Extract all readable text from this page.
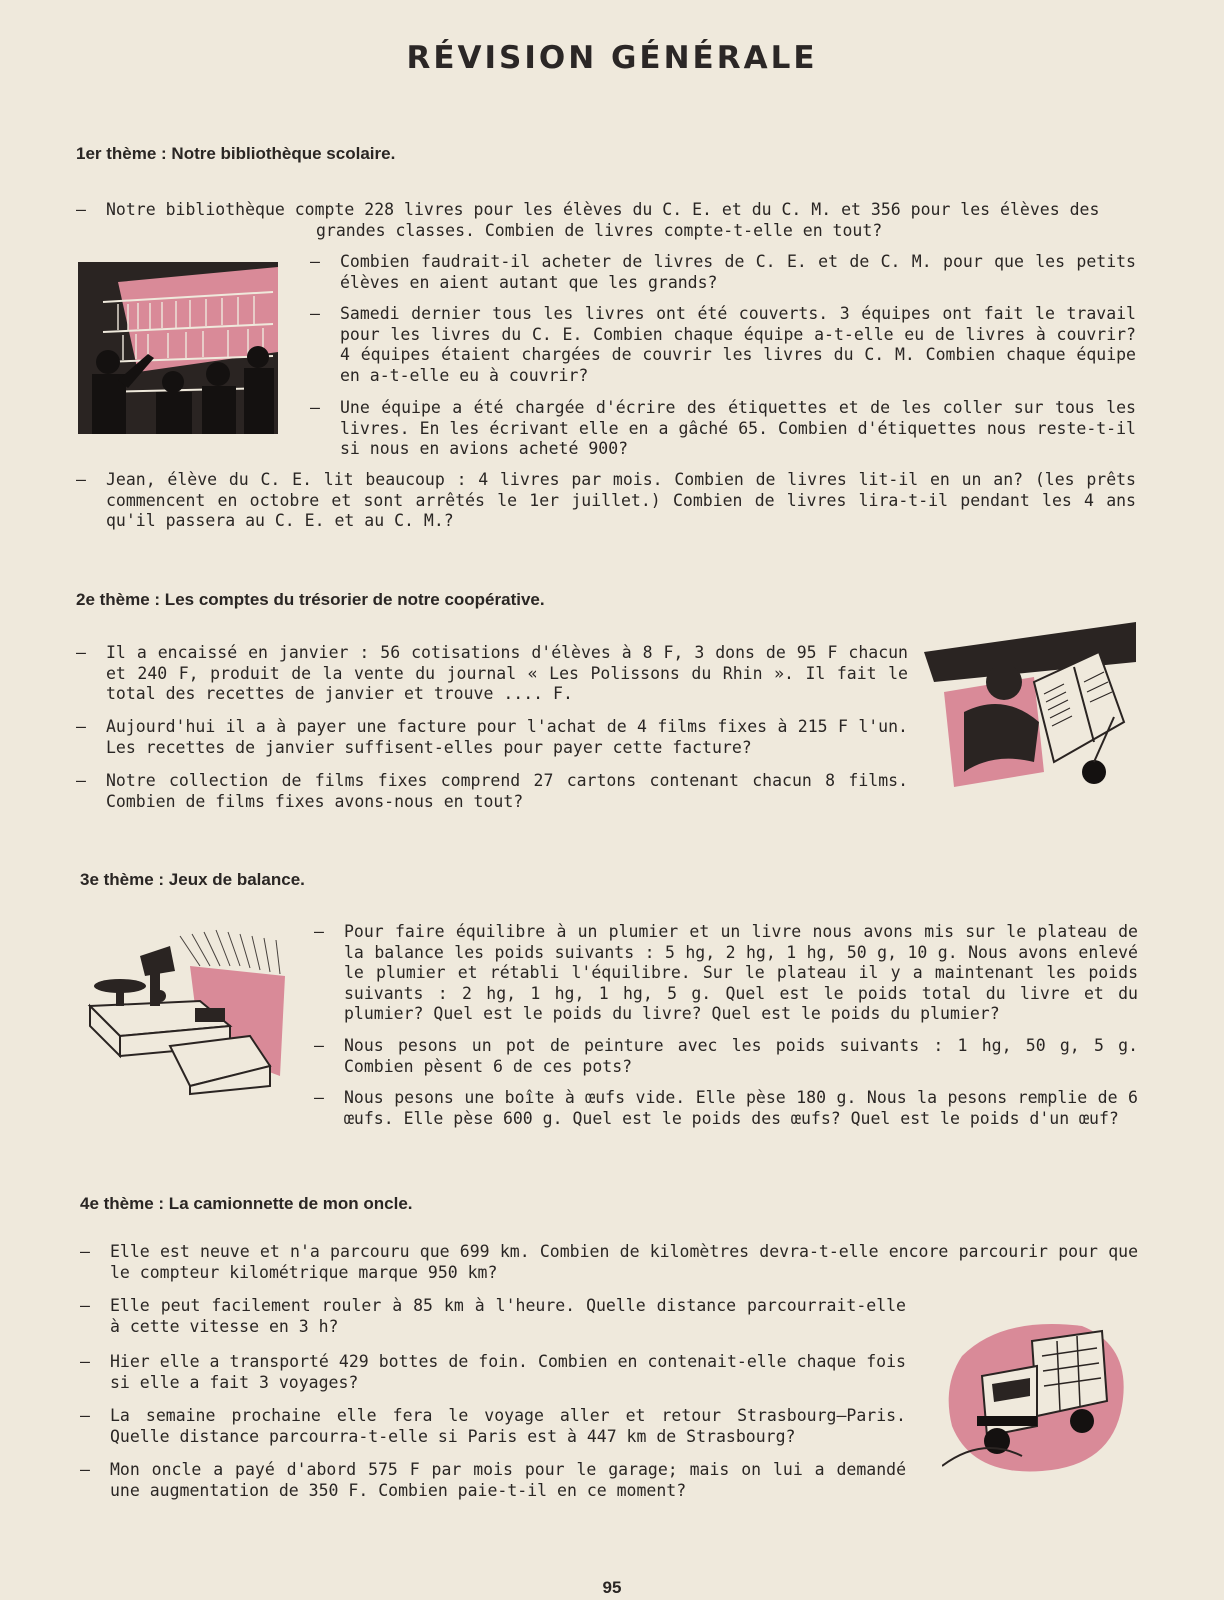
RÉVISION GÉNÉRALE
1er thème : Notre bibliothèque scolaire.
— Notre bibliothèque compte 228 livres pour les élèves du C. E. et du C. M. et 356 pour les élèves des
grandes classes. Combien de livres compte-t-elle en tout?
— Combien faudrait-il acheter de livres de C. E. et de C. M. pour que les petits élèves en aient autant que les grands?
— Samedi dernier tous les livres ont été couverts. 3 équipes ont fait le travail pour les livres du C. E. Combien chaque équipe a-t-elle eu de livres à couvrir? 4 équipes étaient chargées de couvrir les livres du C. M. Combien chaque équipe en a-t-elle eu à couvrir?
— Une équipe a été chargée d'écrire des étiquettes et de les coller sur tous les livres. En les écrivant elle en a gâché 65. Combien d'étiquettes nous reste-t-il si nous en avions acheté 900?
— Jean, élève du C. E. lit beaucoup : 4 livres par mois. Combien de livres lit-il en un an? (les prêts commencent en octobre et sont arrêtés le 1er juillet.) Combien de livres lira-t-il pendant les 4 ans qu'il passera au C. E. et au C. M.?
2e thème : Les comptes du trésorier de notre coopérative.
— Il a encaissé en janvier : 56 cotisations d'élèves à 8 F, 3 dons de 95 F chacun et 240 F, produit de la vente du journal « Les Polissons du Rhin ». Il fait le total des recettes de janvier et trouve .... F.
— Aujourd'hui il a à payer une facture pour l'achat de 4 films fixes à 215 F l'un. Les recettes de janvier suffisent-elles pour payer cette facture?
— Notre collection de films fixes comprend 27 cartons contenant chacun 8 films. Combien de films fixes avons-nous en tout?
3e thème : Jeux de balance.
— Pour faire équilibre à un plumier et un livre nous avons mis sur le plateau de la balance les poids suivants : 5 hg, 2 hg, 1 hg, 50 g, 10 g. Nous avons enlevé le plumier et rétabli l'équilibre. Sur le plateau il y a maintenant les poids suivants : 2 hg, 1 hg, 1 hg, 5 g. Quel est le poids total du livre et du plumier? Quel est le poids du livre? Quel est le poids du plumier?
— Nous pesons un pot de peinture avec les poids suivants : 1 hg, 50 g, 5 g. Combien pèsent 6 de ces pots?
— Nous pesons une boîte à œufs vide. Elle pèse 180 g. Nous la pesons remplie de 6 œufs. Elle pèse 600 g. Quel est le poids des œufs? Quel est le poids d'un œuf?
4e thème : La camionnette de mon oncle.
— Elle est neuve et n'a parcouru que 699 km. Combien de kilomètres devra-t-elle encore parcourir pour que le compteur kilométrique marque 950 km?
— Elle peut facilement rouler à 85 km à l'heure. Quelle distance parcourrait-elle à cette vitesse en 3 h?
— Hier elle a transporté 429 bottes de foin. Combien en contenait-elle chaque fois si elle a fait 3 voyages?
— La semaine prochaine elle fera le voyage aller et retour Strasbourg—Paris. Quelle distance parcourra-t-elle si Paris est à 447 km de Strasbourg?
— Mon oncle a payé d'abord 575 F par mois pour le garage; mais on lui a demandé une augmentation de 350 F. Combien paie-t-il en ce moment?
95
